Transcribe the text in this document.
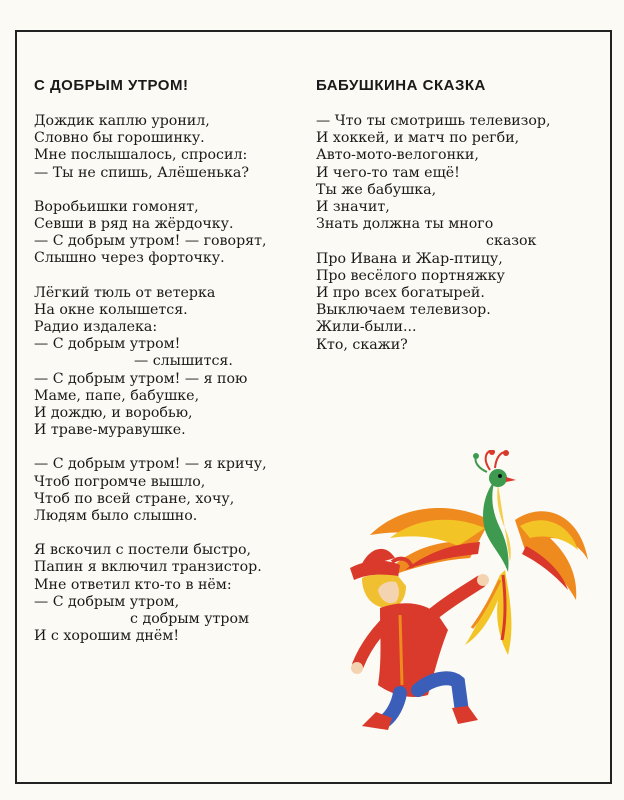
С ДОБРЫМ УТРОМ!
Дождик каплю уронил,
Словно бы горошинку.
Мне послышалось, спросил:
— Ты не спишь, Алёшенька?
Воробьишки гомонят,
Севши в ряд на жёрдочку.
— С добрым утром! — говорят,
Слышно через форточку.
Лёгкий тюль от ветерка
На окне колышется.
Радио издалека:
— С добрым утром!
— слышится.
— С добрым утром! — я пою
Маме, папе, бабушке,
И дождю, и воробью,
И траве-муравушке.
— С добрым утром! — я кричу,
Чтоб погромче вышло,
Чтоб по всей стране, хочу,
Людям было слышно.
Я вскочил с постели быстро,
Папин я включил транзистор.
Мне ответил кто-то в нём:
— С добрым утром,
с добрым утром
И с хорошим днём!
БАБУШКИНА СКАЗКА
— Что ты смотришь телевизор,
И хоккей, и матч по регби,
Авто-мото-велогонки,
И чего-то там ещё!
Ты же бабушка,
И значит,
Знать должна ты много
сказок
Про Ивана и Жар-птицу,
Про весёлого портняжку
И про всех богатырей.
Выключаем телевизор.
Жили-были...
Кто, скажи?
